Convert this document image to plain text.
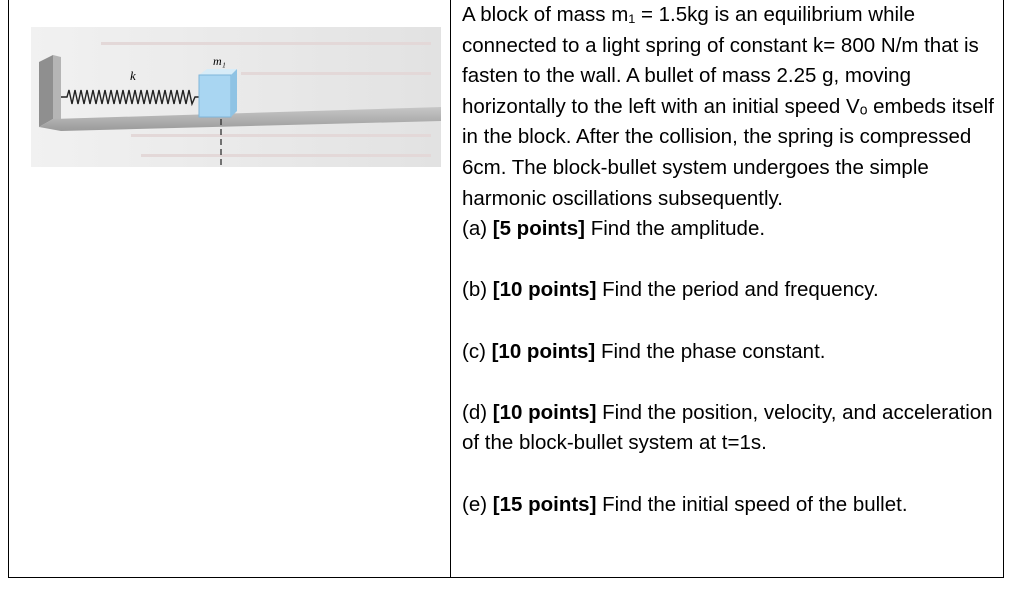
k
m₁

A block of mass m₁ = 1.5kg is an equilibrium while connected to a light spring of constant k= 800 N/m that is fasten to the wall. A bullet of mass 2.25 g, moving horizontally to the left with an initial speed Vₒ embeds itself in the block. After the collision, the spring is compressed 6cm. The block-bullet system undergoes the simple harmonic oscillations subsequently.

(a) [5 points] Find the amplitude.

(b) [10 points] Find the period and frequency.

(c) [10 points] Find the phase constant.

(d) [10 points] Find the position, velocity, and acceleration of the block-bullet system at t=1s.

(e) [15 points] Find the initial speed of the bullet.
